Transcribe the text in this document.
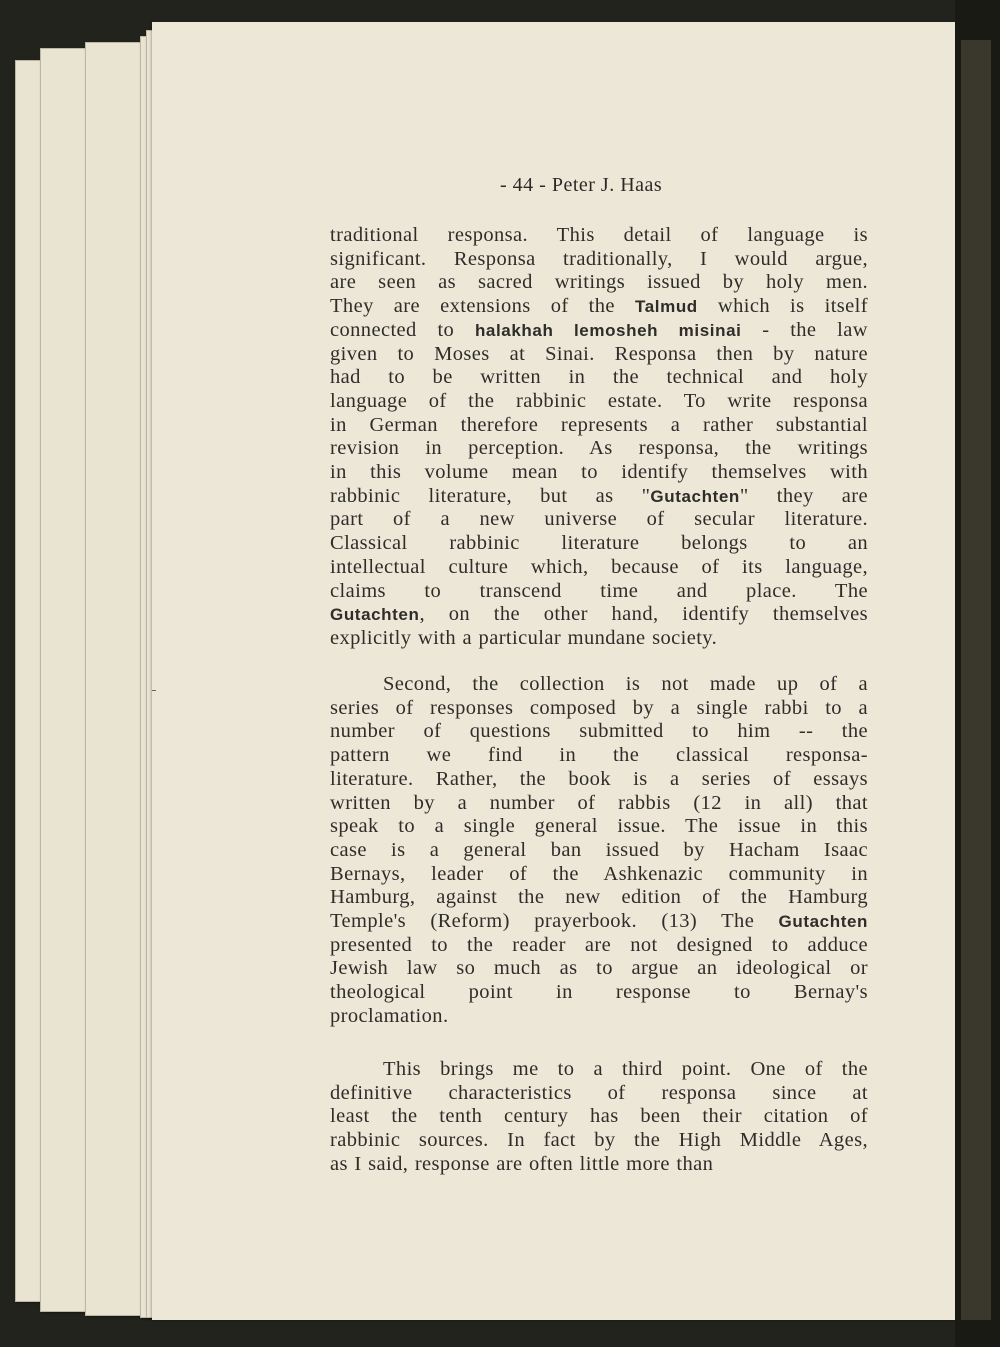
- 44 - Peter J. Haas
traditional responsa. This detail of language is
significant. Responsa traditionally, I would argue,
are seen as sacred writings issued by holy men.
They are extensions of the Talmud which is itself
connected to halakhah lemosheh misinai - the law
given to Moses at Sinai. Responsa then by nature
had to be written in the technical and holy
language of the rabbinic estate. To write responsa
in German therefore represents a rather substantial
revision in perception. As responsa, the writings
in this volume mean to identify themselves with
rabbinic literature, but as "Gutachten" they are
part of a new universe of secular literature.
Classical rabbinic literature belongs to an
intellectual culture which, because of its language,
claims to transcend time and place. The
Gutachten, on the other hand, identify themselves
explicitly with a particular mundane society.
Second, the collection is not made up of a
series of responses composed by a single rabbi to a
number of questions submitted to him -- the
pattern we find in the classical responsa-
literature. Rather, the book is a series of essays
written by a number of rabbis (12 in all) that
speak to a single general issue. The issue in this
case is a general ban issued by Hacham Isaac
Bernays, leader of the Ashkenazic community in
Hamburg, against the new edition of the Hamburg
Temple's (Reform) prayerbook. (13) The Gutachten
presented to the reader are not designed to adduce
Jewish law so much as to argue an ideological or
theological point in response to Bernay's
proclamation.
This brings me to a third point. One of the
definitive characteristics of responsa since at
least the tenth century has been their citation of
rabbinic sources. In fact by the High Middle Ages,
as I said, response are often little more than
